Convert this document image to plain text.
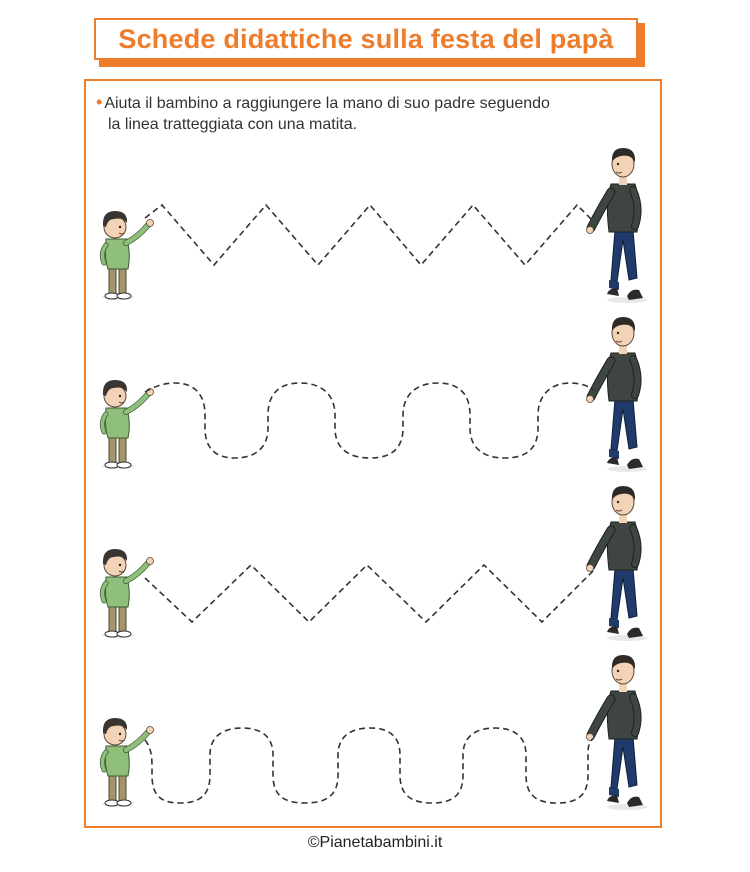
Schede didattiche sulla festa del papà
• Aiuta il bambino a raggiungere la mano di suo padre seguendo
la linea tratteggiata con una matita.
©Pianetabambini.it
